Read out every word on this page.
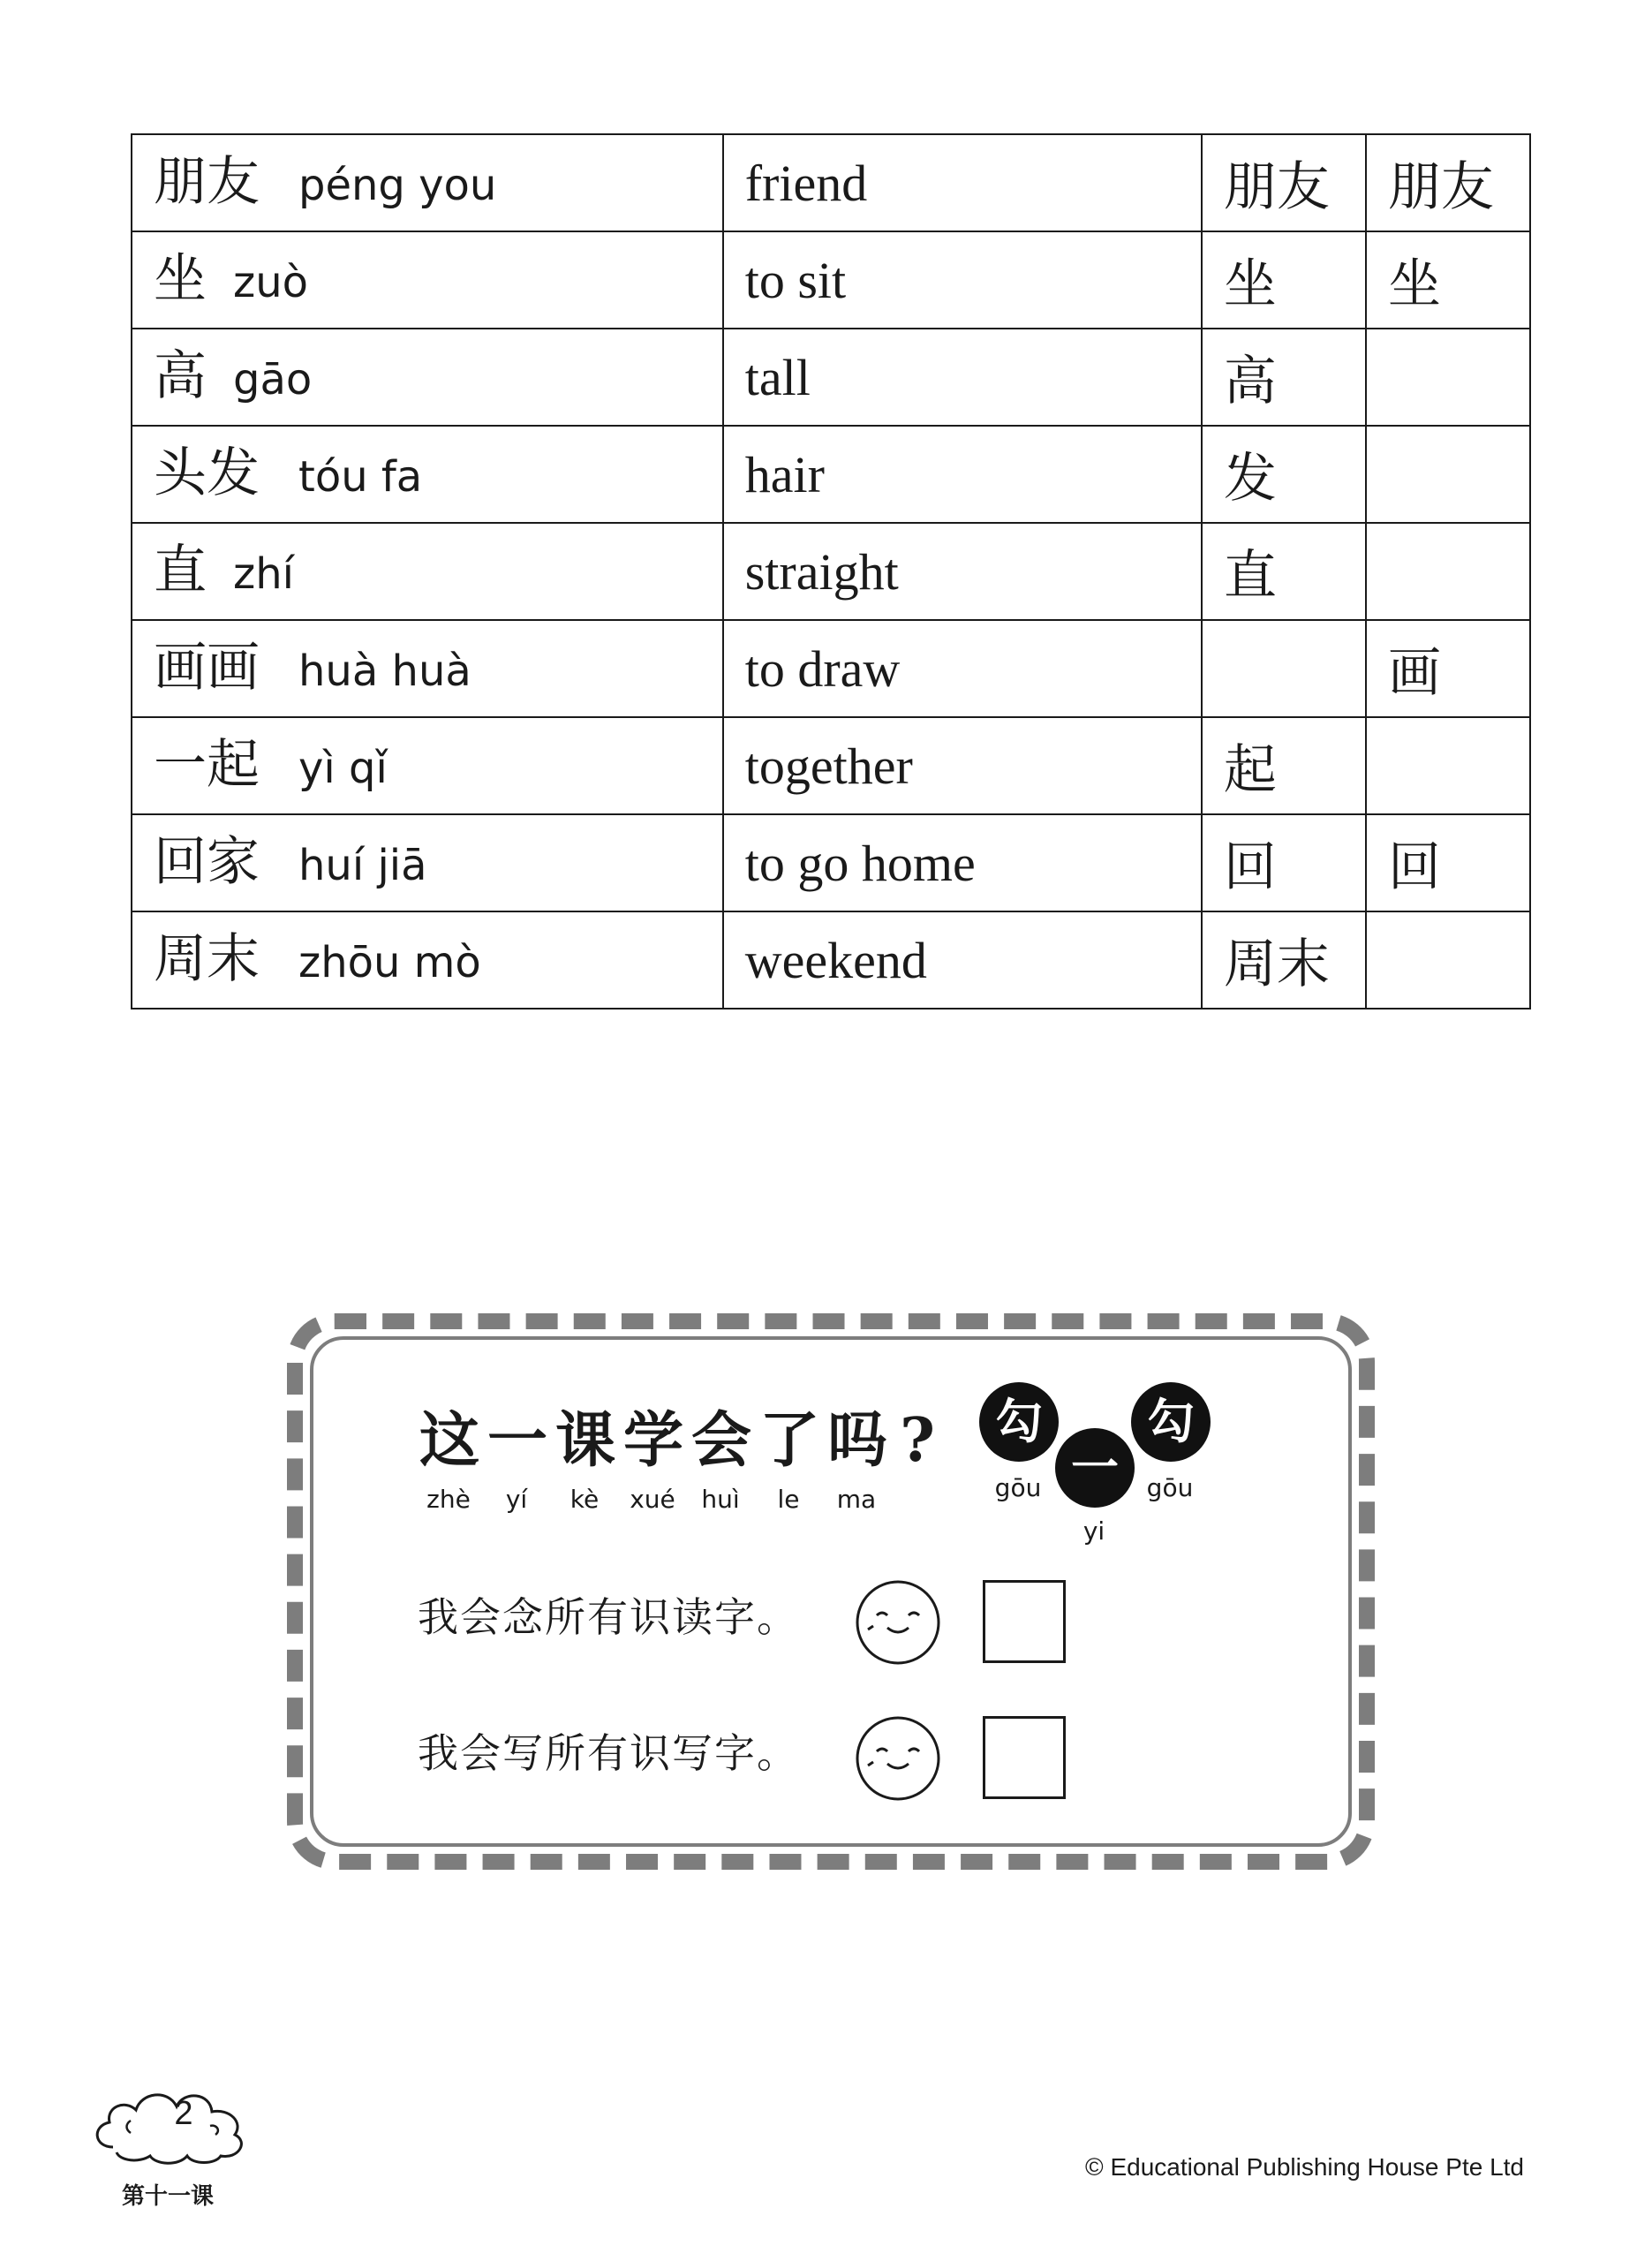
朋友 péng you	friend	朋友	朋友
坐 zuò	to sit	坐	坐
高 gāo	tall	高	
头发 tóu fa	hair	发	
直 zhí	straight	直	
画画 huà huà	to draw		画
一起 yì qǐ	together	起	
回家 huí jiā	to go home	回	回
周末 zhōu mò	weekend	周末	
这 一 课 学 会 了 吗 ?
zhè	yí	kè	xué	huì	le	ma
勾
一
勾
gōu
yi
gōu
我会念所有识读字。
我会写所有识写字。
2
第十一课
© Educational Publishing House Pte Ltd
